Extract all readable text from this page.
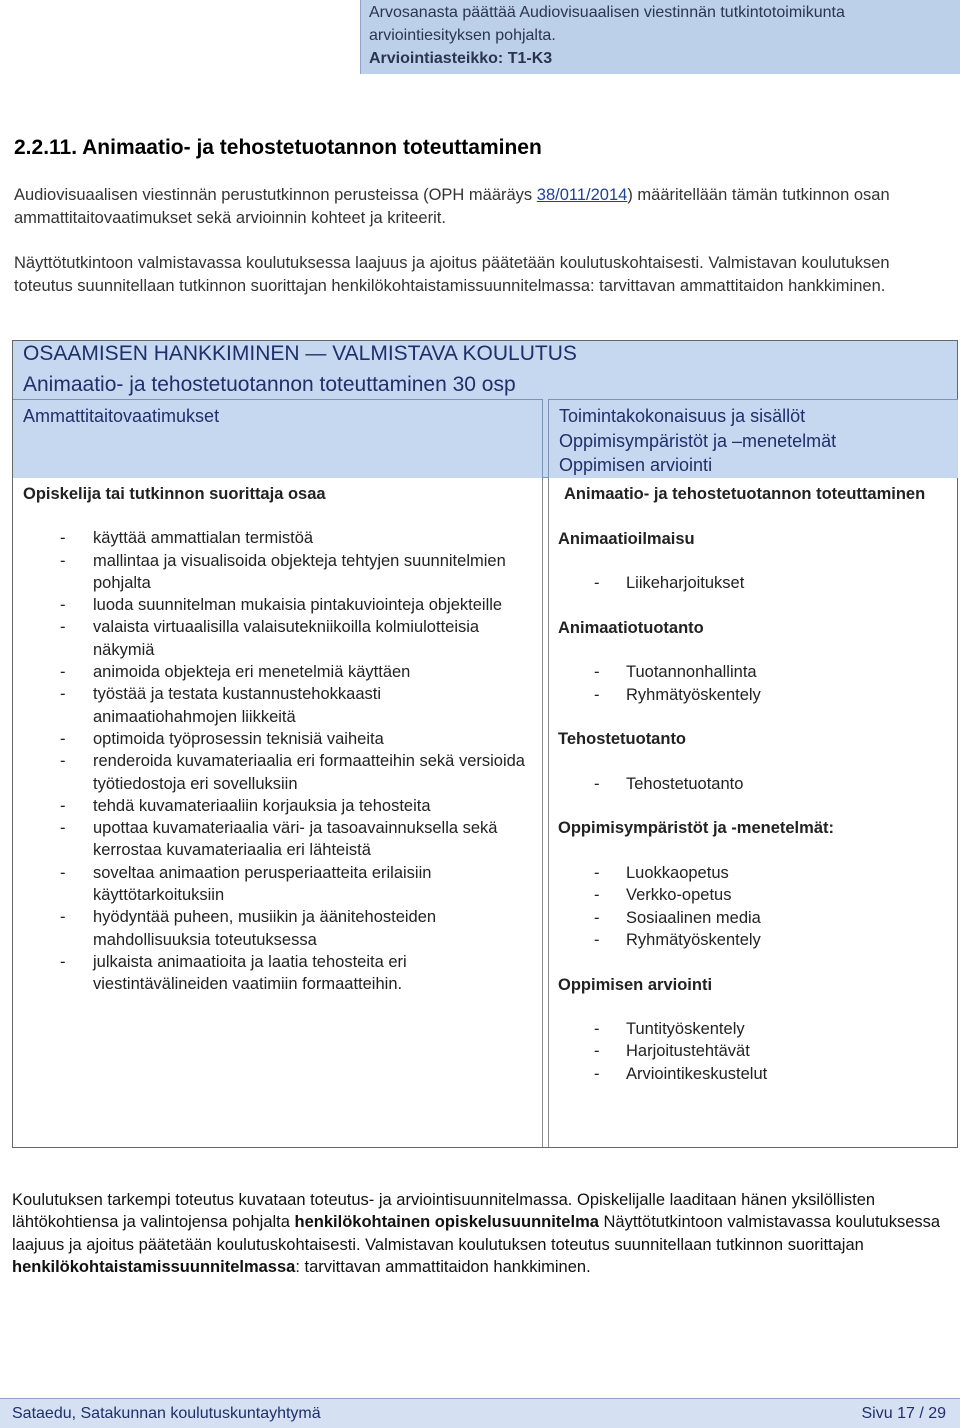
Arvosanasta päättää Audiovisuaalisen viestinnän tutkintotoimikunta
arviointiesityksen pohjalta.
Arviointiasteikko: T1-K3
2.2.11. Animaatio- ja tehostetuotannon toteuttaminen
Audiovisuaalisen viestinnän perustutkinnon perusteissa (OPH määräys 38/011/2014) määritellään tämän tutkinnon osan ammattitaitovaatimukset sekä arvioinnin kohteet ja kriteerit.
Näyttötutkintoon valmistavassa koulutuksessa laajuus ja ajoitus päätetään koulutuskohtaisesti. Valmistavan koulutuksen toteutus suunnitellaan tutkinnon suorittajan henkilökohtaistamissuunnitelmassa: tarvittavan ammattitaidon hankkiminen.
OSAAMISEN HANKKIMINEN — VALMISTAVA KOULUTUS
Animaatio- ja tehostetuotannon toteuttaminen 30 osp
Ammattitaitovaatimukset	Toimintakokonaisuus ja sisällöt
Oppimisympäristöt ja –menetelmät
Oppimisen arviointi
Opiskelija tai tutkinnon suorittaja osaa
- käyttää ammattialan termistöä
- mallintaa ja visualisoida objekteja tehtyjen suunnitelmien pohjalta
- luoda suunnitelman mukaisia pintakuviointeja objekteille
- valaista virtuaalisilla valaisutekniikoilla kolmiulotteisia näkymiä
- animoida objekteja eri menetelmiä käyttäen
- työstää ja testata kustannustehokkaasti animaatiohahmojen liikkeitä
- optimoida työprosessin teknisiä vaiheita
- renderoida kuvamateriaalia eri formaatteihin sekä versioida työtiedostoja eri sovelluksiin
- tehdä kuvamateriaaliin korjauksia ja tehosteita
- upottaa kuvamateriaalia väri- ja tasoavainnuksella sekä kerrostaa kuvamateriaalia eri lähteistä
- soveltaa animaation perusperiaatteita erilaisiin käyttötarkoituksiin
- hyödyntää puheen, musiikin ja äänitehosteiden mahdollisuuksia toteutuksessa
- julkaista animaatioita ja laatia tehosteita eri viestintävälineiden vaatimiin formaatteihin.
Animaatio- ja tehostetuotannon toteuttaminen
Animaatioilmaisu
- Liikeharjoitukset
Animaatiotuotanto
- Tuotannonhallinta
- Ryhmätyöskentely
Tehostetuotanto
- Tehostetuotanto
Oppimisympäristöt ja -menetelmät:
- Luokkaopetus
- Verkko-opetus
- Sosiaalinen media
- Ryhmätyöskentely
Oppimisen arviointi
- Tuntityöskentely
- Harjoitustehtävät
- Arviointikeskustelut
Koulutuksen tarkempi toteutus kuvataan toteutus- ja arviointisuunnitelmassa. Opiskelijalle laaditaan hänen yksilöllisten lähtökohtiensa ja valintojensa pohjalta henkilökohtainen opiskelusuunnitelma Näyttötutkintoon valmistavassa koulutuksessa laajuus ja ajoitus päätetään koulutuskohtaisesti. Valmistavan koulutuksen toteutus suunnitellaan tutkinnon suorittajan henkilökohtaistamissuunnitelmassa: tarvittavan ammattitaidon hankkiminen.
Sataedu, Satakunnan koulutuskuntayhtymä	Sivu 17 / 29
